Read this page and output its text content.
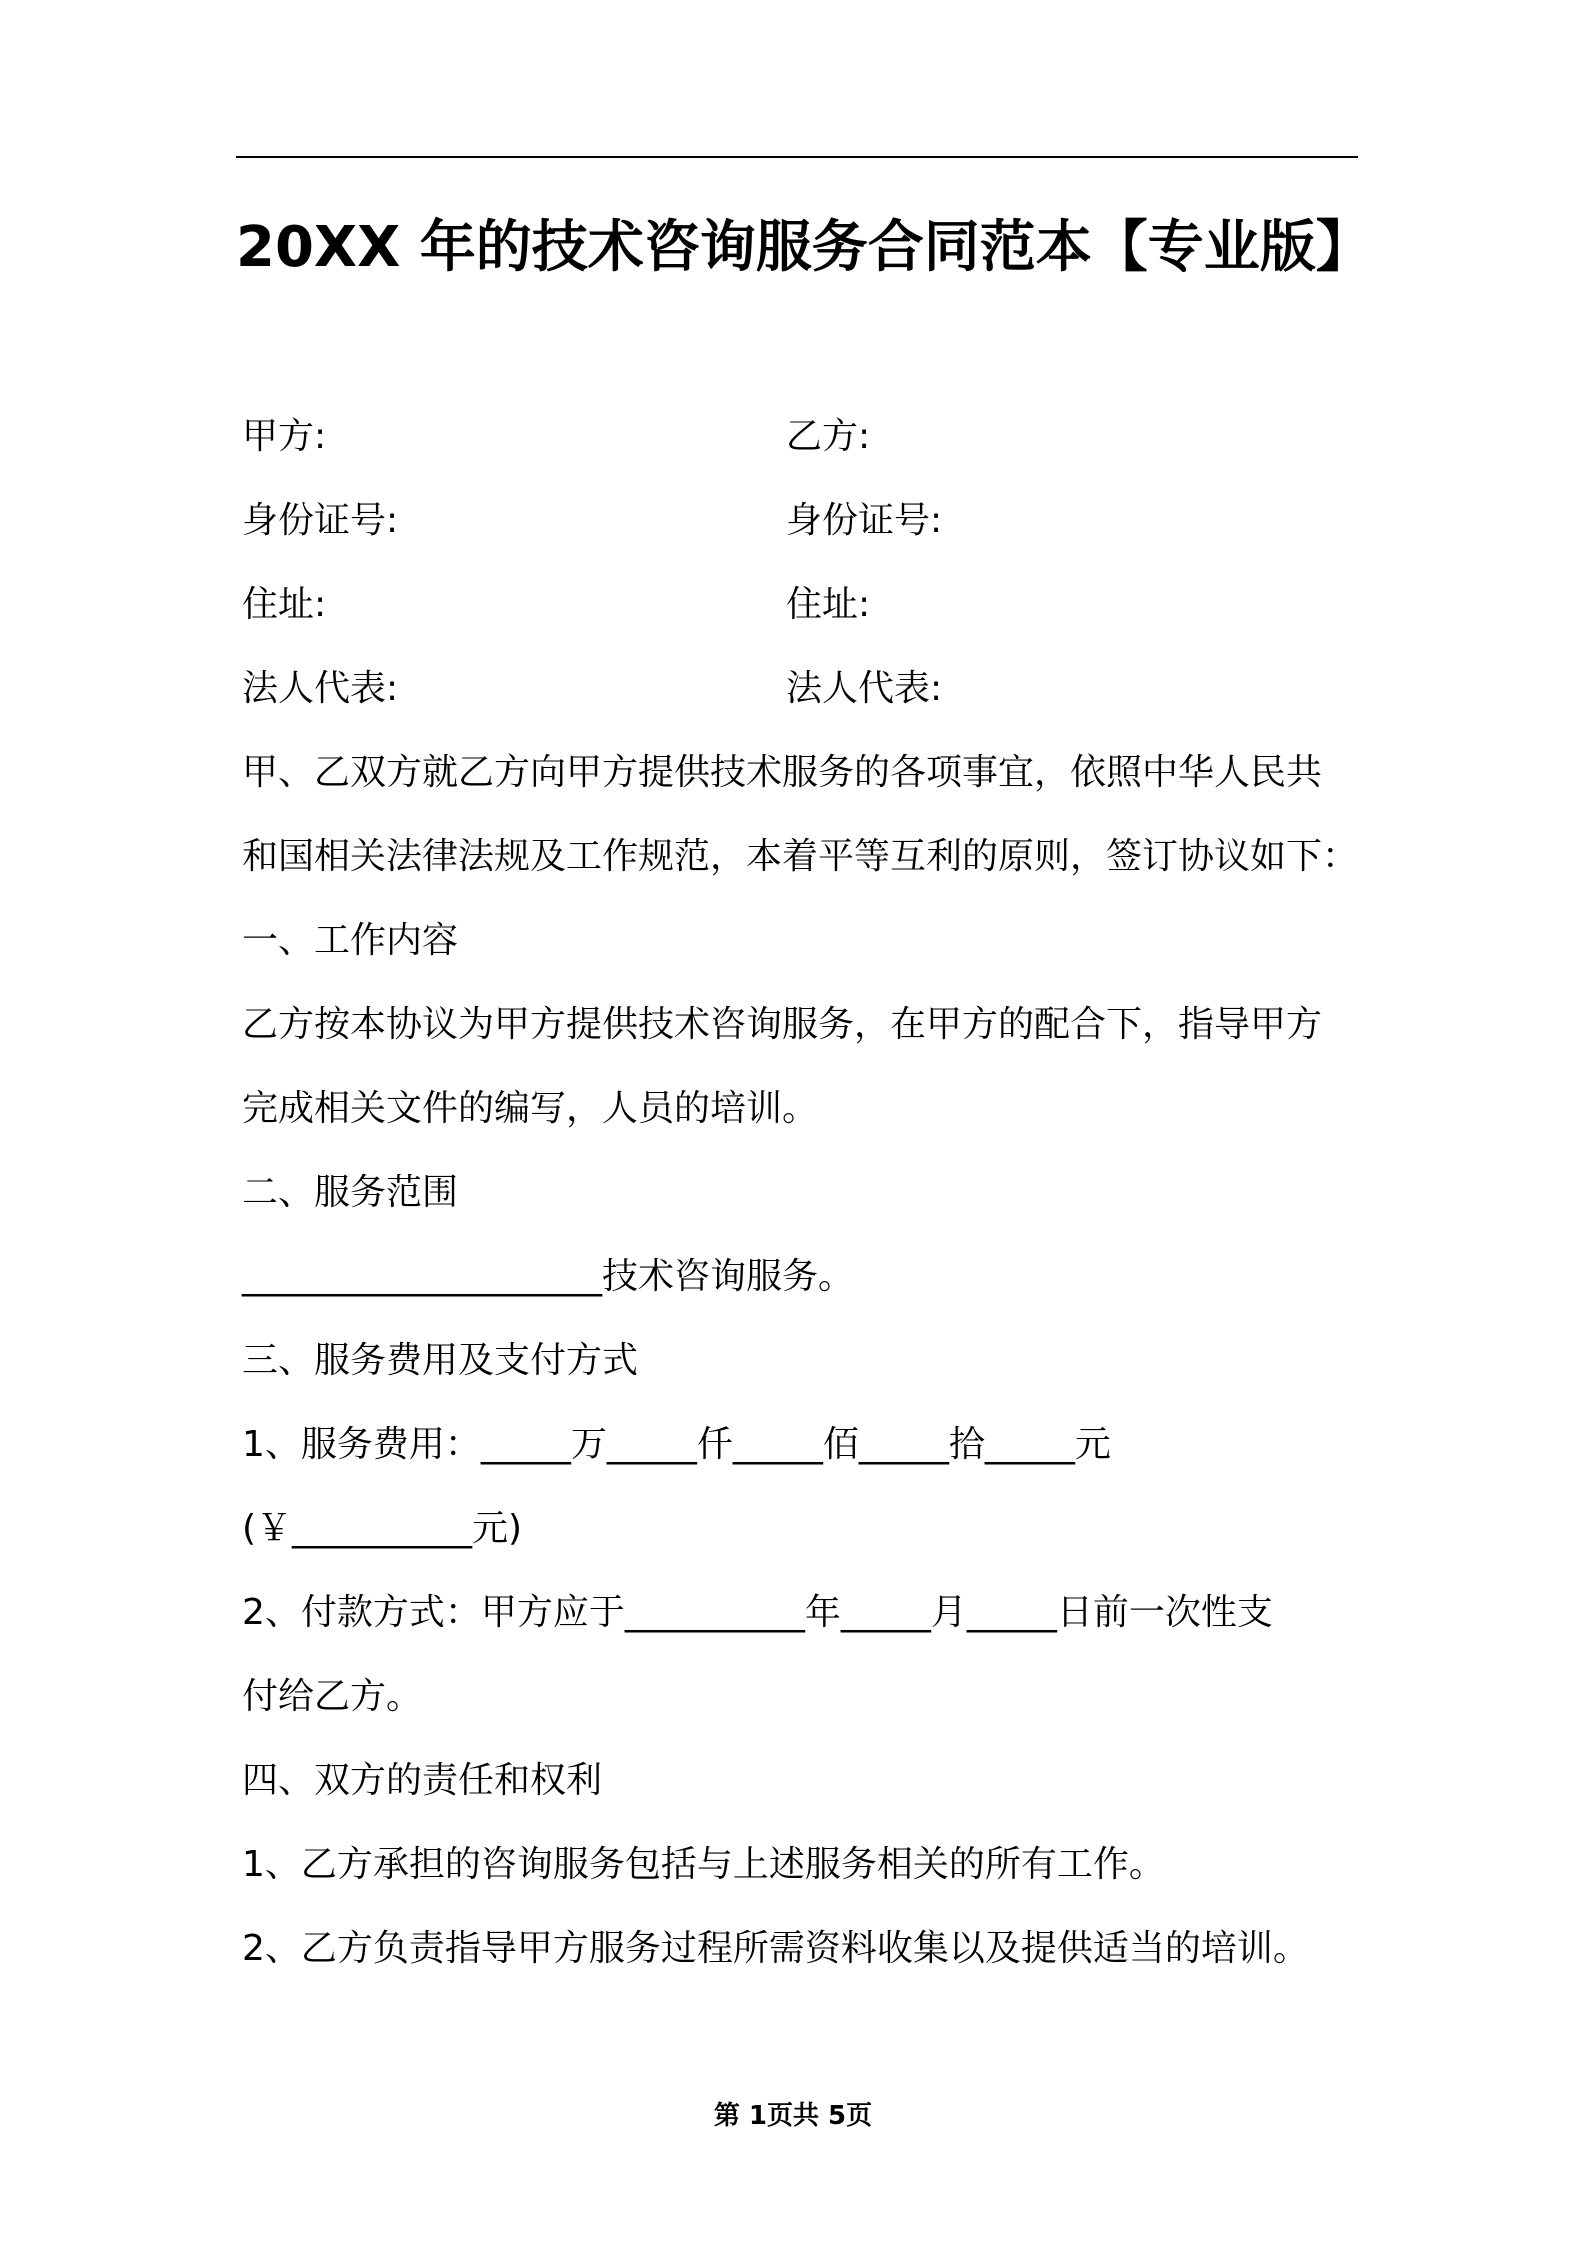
20XX 年的技术咨询服务合同范本【专业版】
甲方:	乙方:
身份证号:	身份证号:
住址:	住址:
法人代表:	法人代表:
甲、乙双方就乙方向甲方提供技术服务的各项事宜，依照中华人民共
和国相关法律法规及工作规范，本着平等互利的原则，签订协议如下：
一、工作内容
乙方按本协议为甲方提供技术咨询服务，在甲方的配合下，指导甲方
完成相关文件的编写，人员的培训。
二、服务范围
____________________技术咨询服务。
三、服务费用及支付方式
1、服务费用：_____万_____仟_____佰_____拾_____元
(￥__________元)
2、付款方式：甲方应于__________年_____月_____日前一次性支
付给乙方。
四、双方的责任和权利
1、乙方承担的咨询服务包括与上述服务相关的所有工作。
2、乙方负责指导甲方服务过程所需资料收集以及提供适当的培训。
第 1页共 5页
